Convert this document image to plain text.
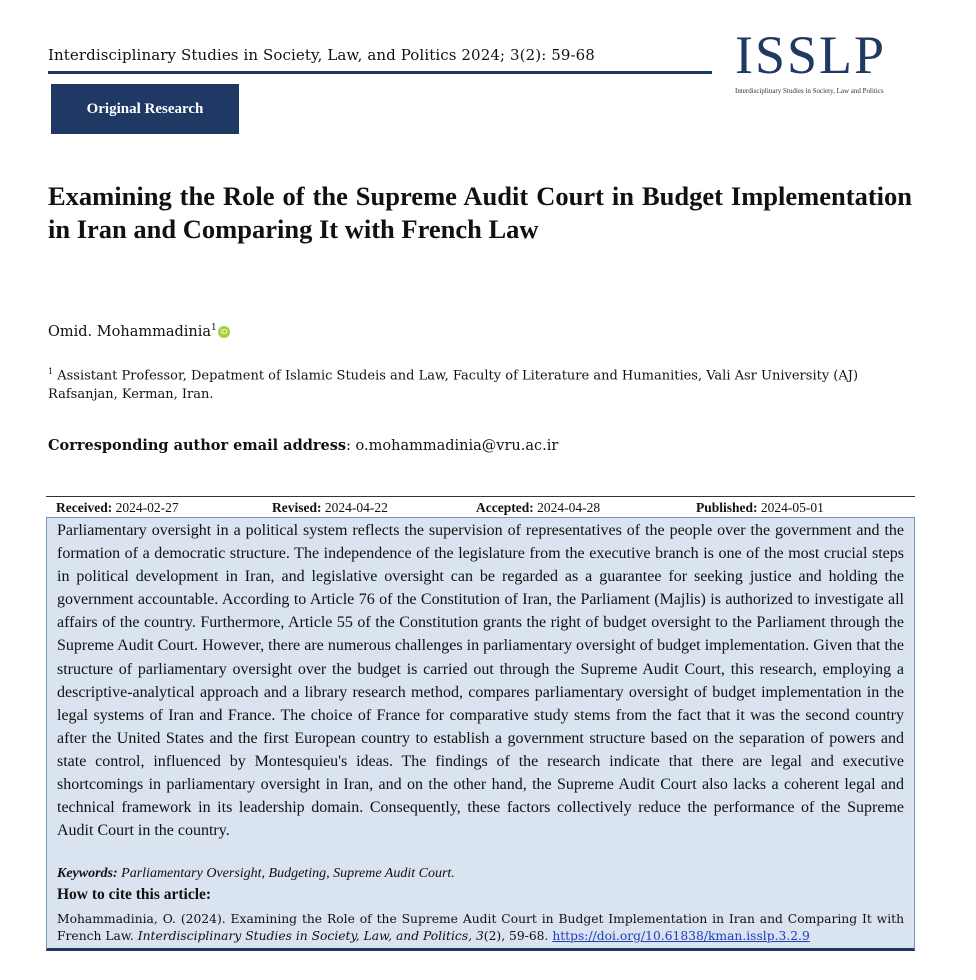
Interdisciplinary Studies in Society, Law, and Politics 2024; 3(2): 59-68
Original Research
ISSLP
Interdisciplinary Studies in Society, Law and Politics
Examining the Role of the Supreme Audit Court in Budget Implementation in Iran and Comparing It with French Law
Omid. Mohammadinia$^1$ iD
$^1$ Assistant Professor, Depatment of Islamic Studeis and Law, Faculty of Literature and Humanities, Vali Asr University (AJ) Rafsanjan, Kerman, Iran.
Corresponding author email address: o.mohammadinia@vru.ac.ir
Received: 2024-02-27	Revised: 2024-04-22	Accepted: 2024-04-28	Published: 2024-05-01
Parliamentary oversight in a political system reflects the supervision of representatives of the people over the government and the formation of a democratic structure. The independence of the legislature from the executive branch is one of the most crucial steps in political development in Iran, and legislative oversight can be regarded as a guarantee for seeking justice and holding the government accountable. According to Article 76 of the Constitution of Iran, the Parliament (Majlis) is authorized to investigate all affairs of the country. Furthermore, Article 55 of the Constitution grants the right of budget oversight to the Parliament through the Supreme Audit Court. However, there are numerous challenges in parliamentary oversight of budget implementation. Given that the structure of parliamentary oversight over the budget is carried out through the Supreme Audit Court, this research, employing a descriptive-analytical approach and a library research method, compares parliamentary oversight of budget implementation in the legal systems of Iran and France. The choice of France for comparative study stems from the fact that it was the second country after the United States and the first European country to establish a government structure based on the separation of powers and state control, influenced by Montesquieu's ideas. The findings of the research indicate that there are legal and executive shortcomings in parliamentary oversight in Iran, and on the other hand, the Supreme Audit Court also lacks a coherent legal and technical framework in its leadership domain. Consequently, these factors collectively reduce the performance of the Supreme Audit Court in the country.
Keywords: Parliamentary Oversight, Budgeting, Supreme Audit Court.
How to cite this article:
Mohammadinia, O. (2024). Examining the Role of the Supreme Audit Court in Budget Implementation in Iran and Comparing It with French Law. Interdisciplinary Studies in Society, Law, and Politics, 3(2), 59-68. https://doi.org/10.61838/kman.isslp.3.2.9
